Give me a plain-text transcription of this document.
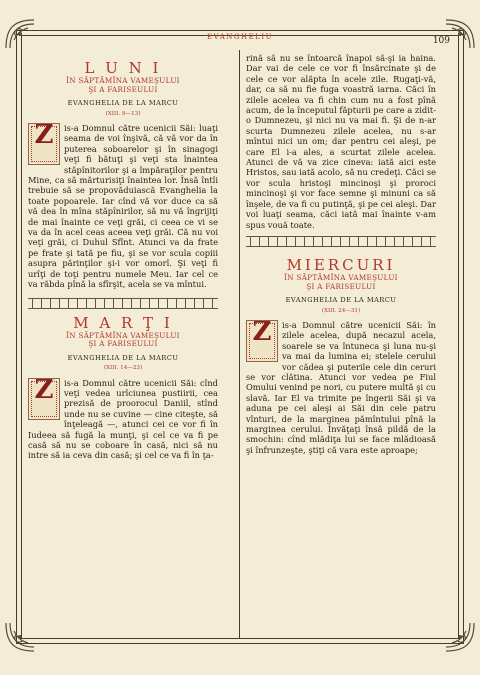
EVANGHELIU	109
L U N I
ÎN SĂPTĂMÎNA VAMEŞULUI
ŞI A FARISEULUI
EVANGHELIA DE LA MARCU
(XIII. 9—13)
Z	is-a Domnul către ucenicii Săi: luaţi seama de voi înşivă, că vă vor da în puterea soboarelor şi în sinagogi veţi fi bătuţi şi veţi sta înaintea stăpînitorilor şi a împăraţilor pentru Mine, ca să mărturisiţi înaintea lor. Însă întîi trebuie să se propovăduiască Evanghelia la toate popoarele. Iar cînd vă vor duce ca să vă dea în mîna stăpînirilor, să nu vă îngrijiţi de mai înainte ce veţi grăi, ci ceea ce vi se va da în acel ceas aceea veţi grăi. Că nu voi veţi grăi, ci Duhul Sfînt. Atunci va da frate pe frate şi tată pe fiu, şi se vor scula copiii asupra părinţilor şi-i vor omorî. Şi veţi fi urîţi de toţi pentru numele Meu. Iar cel ce va răbda pînă la sfîrşit, acela se va mîntui.

M A R Ţ I
ÎN SĂPTĂMÎNA VAMEŞULUI
ŞI A FARISEULUI
EVANGHELIA DE LA MARCU
(XIII. 14—23)
Z	is-a Domnul către ucenicii Săi: cînd veţi vedea urîciunea pustiirii, cea prezisă de proorocul Daniil, stînd unde nu se cuvine — cine citeşte, să înţeleagă —, atunci cei ce vor fi în Iudeea să fugă la munţi, şi cel ce va fi pe casă să nu se coboare în casă, nici să nu intre să ia ceva din casă; şi cel ce va fi în ţa-

rină să nu se întoarcă înapoi să-şi ia haina. Dar vai de cele ce vor fi însărcinate şi de cele ce vor alăpta în acele zile. Rugaţi-vă, dar, ca să nu fie fuga voastră iarna. Căci în zilele acelea va fi chin cum nu a fost pînă acum, de la începutul făpturii pe care a zidit-o Dumnezeu, şi nici nu va mai fi. Şi de n-ar scurta Dumnezeu zilele acelea, nu s-ar mîntui nici un om; dar pentru cei aleşi, pe care El i-a ales, a scurtat zilele acelea. Atunci de vă va zice cineva: iată aici este Hristos, sau iată acolo, să nu credeţi. Căci se vor scula hristoşi mincinoşi şi proroci mincinoşi şi vor face semne şi minuni ca să înşele, de va fi cu putinţă, şi pe cei aleşi. Dar voi luaţi seama, căci iată mai înainte v-am spus vouă toate.

MIERCURI
ÎN SĂPTĂMÎNA VAMEŞULUI
ŞI A FARISEULUI
EVANGHELIA DE LA MARCU
(XIII. 24—31)
Z	is-a Domnul către ucenicii Săi: în zilele acelea, după necazul acela, soarele se va întuneca şi luna nu-şi va mai da lumina ei; stelele cerului vor cădea şi puterile cele din ceruri se vor clătina. Atunci vor vedea pe Fiul Omului venind pe nori, cu putere multă şi cu slavă. Iar El va trimite pe îngerii Săi şi va aduna pe cei aleşi ai Săi din cele patru vînturi, de la marginea pămîntului pînă la marginea cerului. Învăţaţi însă pildă de la smochin: cînd mlădiţa lui se face mlădioasă şi înfrunzeşte, ştiţi că vara este aproape;
